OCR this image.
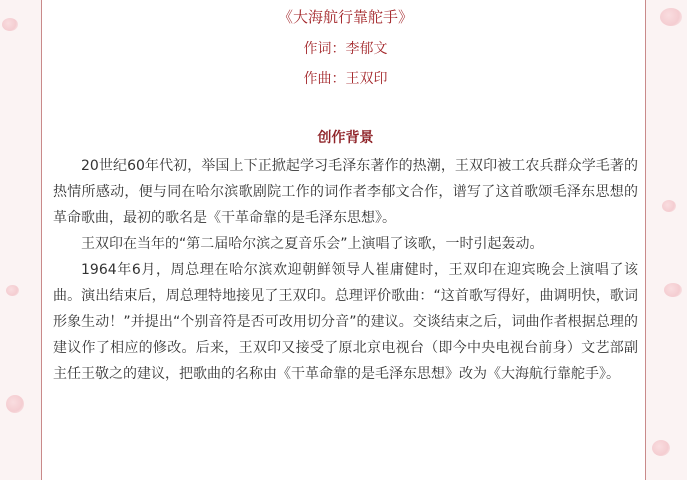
《大海航行靠舵手》
作词：李郁文
作曲：王双印
创作背景

20世纪60年代初，举国上下正掀起学习毛泽东著作的热潮，王双印被工农兵群众学毛著的热情所感动，便与同在哈尔滨歌剧院工作的词作者李郁文合作，谱写了这首歌颂毛泽东思想的革命歌曲，最初的歌名是《干革命靠的是毛泽东思想》。

王双印在当年的“第二届哈尔滨之夏音乐会”上演唱了该歌，一时引起轰动。

1964年6月，周总理在哈尔滨欢迎朝鲜领导人崔庸健时，王双印在迎宾晚会上演唱了该曲。演出结束后，周总理特地接见了王双印。总理评价歌曲：“这首歌写得好，曲调明快，歌词形象生动！”并提出“个别音符是否可改用切分音”的建议。交谈结束之后，词曲作者根据总理的建议作了相应的修改。后来，王双印又接受了原北京电视台（即今中央电视台前身）文艺部副主任王敬之的建议，把歌曲的名称由《干革命靠的是毛泽东思想》改为《大海航行靠舵手》。
